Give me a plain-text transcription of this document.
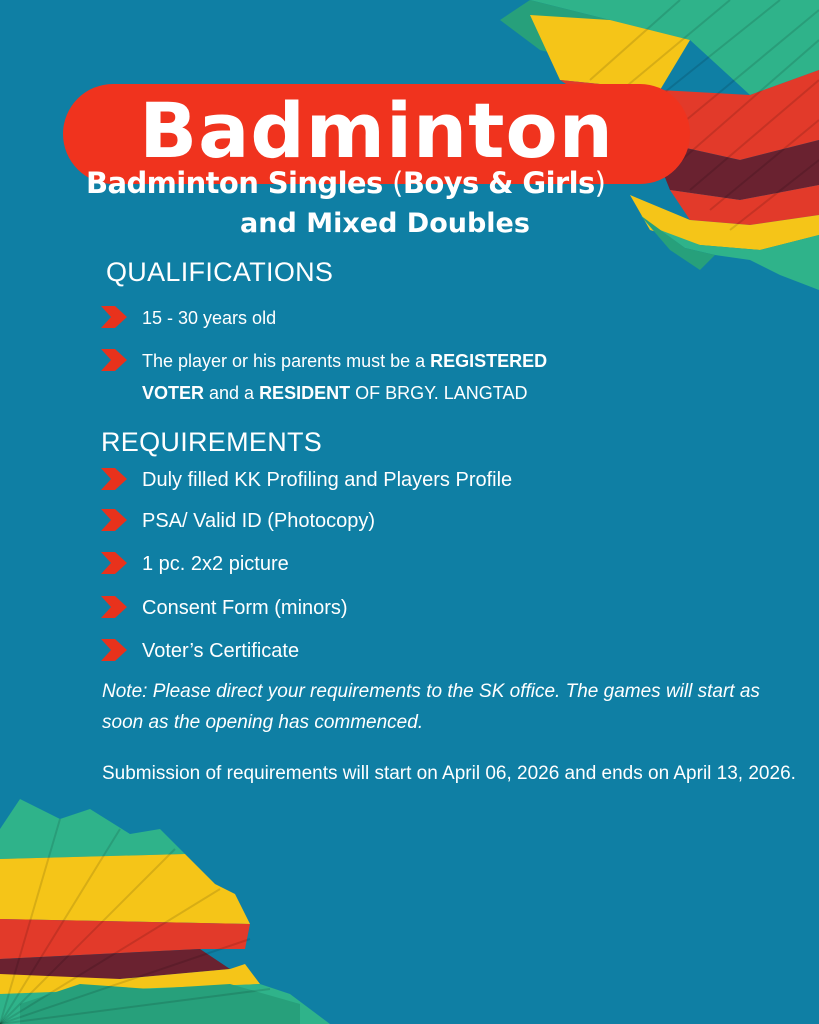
Badminton
Badminton Singles (Boys & Girls)
and Mixed Doubles
QUALIFICATIONS
15 - 30 years old
The player or his parents must be a REGISTERED
VOTER and a RESIDENT OF BRGY. LANGTAD
REQUIREMENTS
Duly filled KK Profiling and Players Profile
PSA/ Valid ID (Photocopy)
1 pc. 2x2 picture
Consent Form (minors)
Voter’s Certificate
Note: Please direct your requirements to the SK office. The games will start as soon as the opening has commenced.
Submission of requirements will start on April 06, 2026 and ends on April 13, 2026.
